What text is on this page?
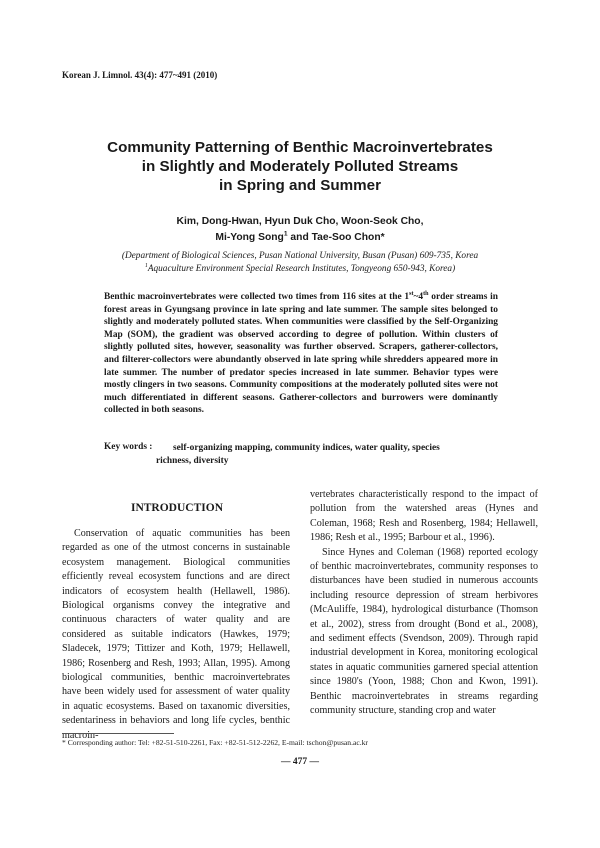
Korean J. Limnol. 43(4): 477~491 (2010)
Community Patterning of Benthic Macroinvertebrates
in Slightly and Moderately Polluted Streams
in Spring and Summer
Kim, Dong-Hwan, Hyun Duk Cho, Woon-Seok Cho,
Mi-Yong Song$^1$ and Tae-Soo Chon*
(Department of Biological Sciences, Pusan National University, Busan (Pusan) 609-735, Korea
$^1$Aquaculture Environment Special Research Institutes, Tongyeong 650-943, Korea)

Benthic macroinvertebrates were collected two times from 116 sites at the 1st~4th order streams in forest areas in Gyungsang province in late spring and late summer. The sample sites belonged to slightly and moderately polluted states. When communities were classified by the Self-Organizing Map (SOM), the gradient was observed according to degree of pollution. Within clusters of slightly polluted sites, however, seasonality was further observed. Scrapers, gatherer-collectors, and filterer-collectors were abundantly observed in late spring while shredders appeared more in late summer. The number of predator species increased in late summer. Behavior types were mostly clingers in two seasons. Community compositions at the moderately polluted sites were not much differentiated in different seasons. Gatherer-collectors and burrowers were dominantly collected in both seasons.

Key words : self-organizing mapping, community indices, water quality, species
richness, diversity
INTRODUCTION

Conservation of aquatic communities has been regarded as one of the utmost concerns in sustainable ecosystem management. Biological communities efficiently reveal ecosystem functions and are direct indicators of ecosystem health (Hellawell, 1986). Biological organisms convey the integrative and continuous characters of water quality and are considered as suitable indicators (Hawkes, 1979; Sladecek, 1979; Tittizer and Koth, 1979; Hellawell, 1986; Rosenberg and Resh, 1993; Allan, 1995). Among biological communities, benthic macroinvertebrates have been widely used for assessment of water quality in aquatic ecosystems. Based on taxanomic diversities, sedentariness in behaviors and long life cycles, benthic macroin-

vertebrates characteristically respond to the impact of pollution from the watershed areas (Hynes and Coleman, 1968; Resh and Rosenberg, 1984; Hellawell, 1986; Resh et al., 1995; Barbour et al., 1996).

Since Hynes and Coleman (1968) reported ecology of benthic macroinvertebrates, community responses to disturbances have been studied in numerous accounts including resource depression of stream herbivores (McAuliffe, 1984), hydrological disturbance (Thomson et al., 2002), stress from drought (Bond et al., 2008), and sediment effects (Svendson, 2009). Through rapid industrial development in Korea, monitoring ecological states in aquatic communities garnered special attention since 1980's (Yoon, 1988; Chon and Kwon, 1991). Benthic macroinvertebrates in streams regarding community structure, standing crop and water

* Corresponding author: Tel: +82-51-510-2261, Fax: +82-51-512-2262, E-mail: tschon@pusan.ac.kr
— 477 —
